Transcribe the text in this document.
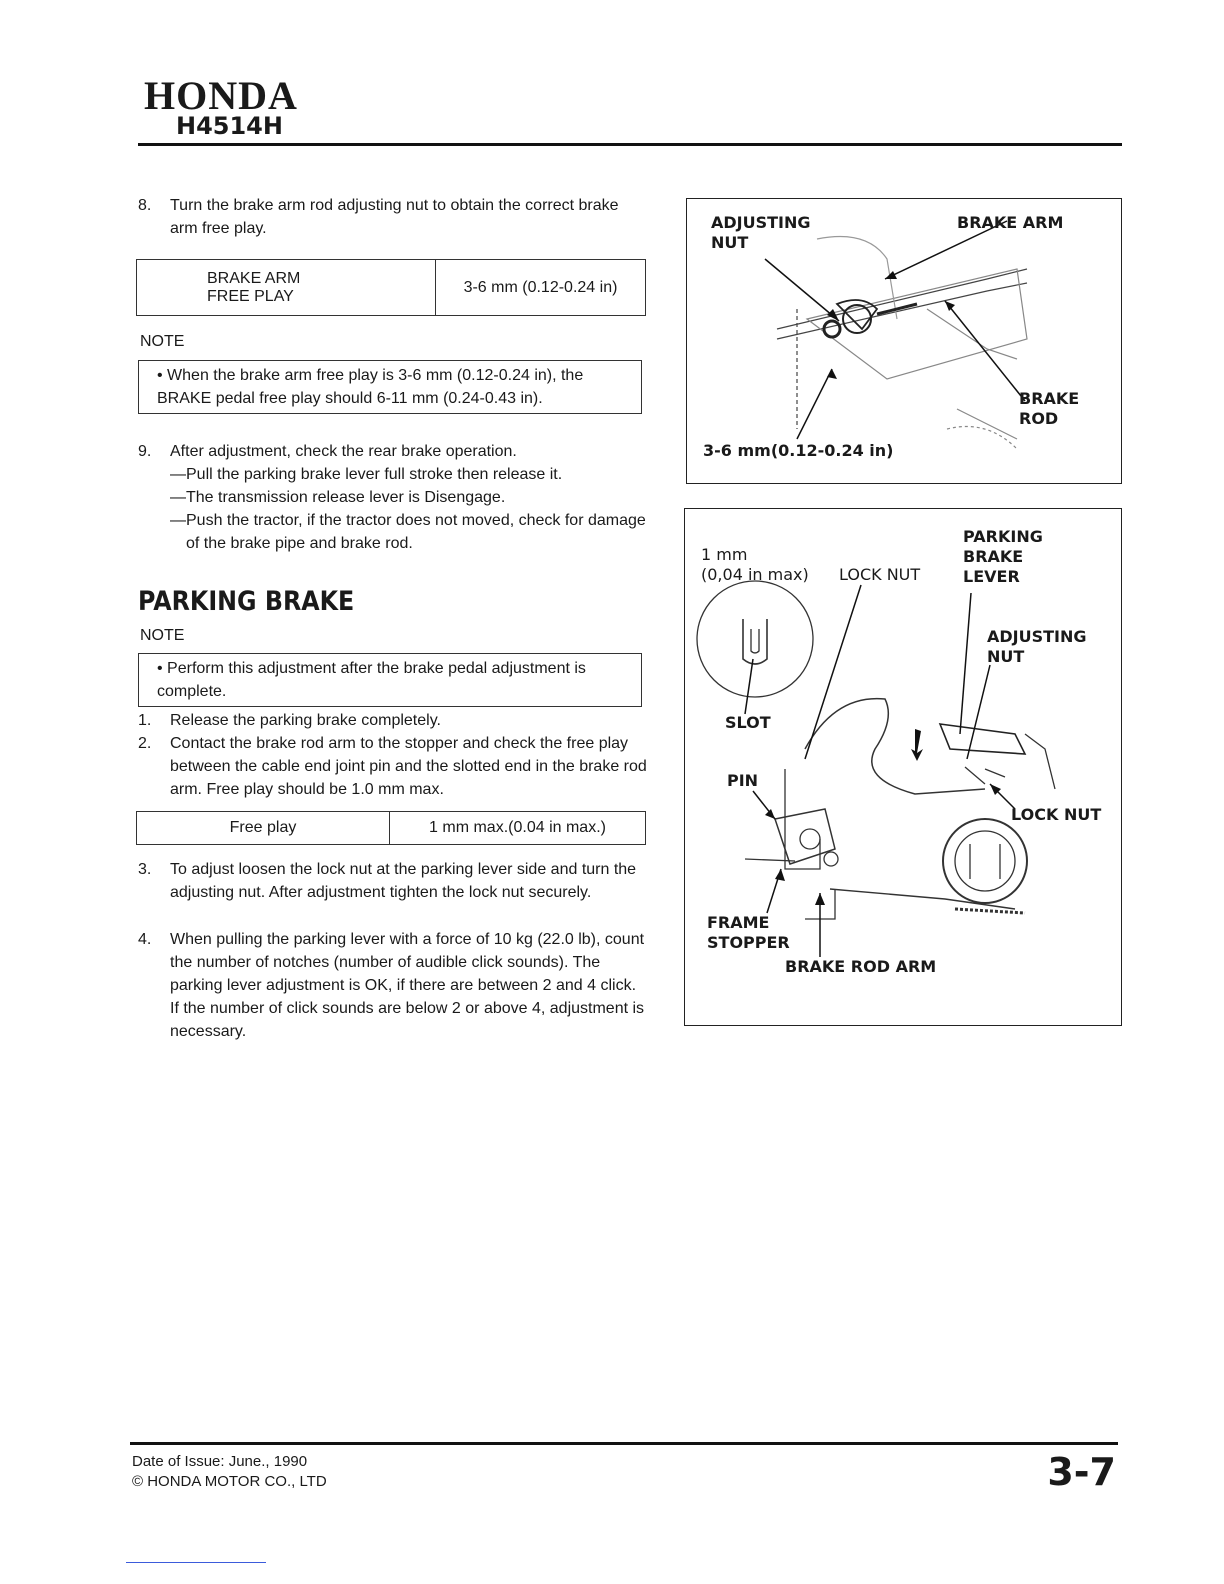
HONDA
H4514H
8. Turn the brake arm rod adjusting nut to obtain the correct brake arm free play.
BRAKE ARM
FREE PLAY
	3-6 mm (0.12-0.24 in)
NOTE
• When the brake arm free play is 3-6 mm (0.12-0.24 in), the BRAKE pedal free play should 6-11 mm (0.24-0.43 in).
9. After adjustment, check the rear brake operation.
—Pull the parking brake lever full stroke then release it.
—The transmission release lever is Disengage.
—Push the tractor, if the tractor does not moved, check for damage of the brake pipe and brake rod.
PARKING BRAKE
NOTE
• Perform this adjustment after the brake pedal adjustment is complete.
1. Release the parking brake completely.
2. Contact the brake rod arm to the stopper and check the free play between the cable end joint pin and the slotted end in the brake rod arm. Free play should be 1.0 mm max.
Free play	1 mm max.(0.04 in max.)
3. To adjust loosen the lock nut at the parking lever side and turn the adjusting nut. After adjustment tighten the lock nut securely.
4. When pulling the parking lever with a force of 10 kg (22.0 lb), count the number of notches (number of audible click sounds). The parking lever adjustment is OK, if there are between 2 and 4 click. If the number of click sounds are below 2 or above 4, adjustment is necessary.
ADJUSTING
NUT
BRAKE ARM
BRAKE
ROD
3-6 mm(0.12-0.24 in)
1 mm
(0,04 in max) LOCK NUT
PARKING
BRAKE
LEVER
ADJUSTING
NUT
SLOT
PIN
LOCK NUT
FRAME
STOPPER
BRAKE ROD ARM
Date of Issue: June., 1990
© HONDA MOTOR CO., LTD	3-7
